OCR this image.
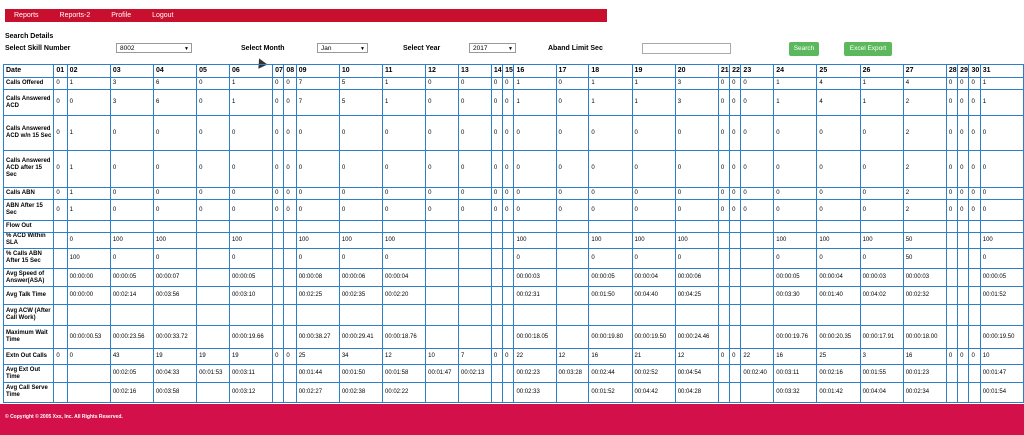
Reports	Reports-2	Profile	Logout
Search Details
Select Skill Number	8002	▼	Select Month	Jan	▼	Select Year	2017	▼	Aband Limit Sec	Search	Excel Export
Date	01	02	03	04	05	06	07	08	09	10	11	12	13	14	15	16	17	18	19	20	21	22	23	24	25	26	27	28	29	30	31
Calls Offered	0	1	3	6	0	1	0	0	7	5	1	0	0	0	0	1	0	1	1	3	0	0	0	1	4	1	4	0	0	0	1
Calls Answered ACD	0	0	3	6	0	1	0	0	7	5	1	0	0	0	0	1	0	1	1	3	0	0	0	1	4	1	2	0	0	0	1
Calls Answered ACD w/n 15 Sec	0	1	0	0	0	0	0	0	0	0	0	0	0	0	0	0	0	0	0	0	0	0	0	0	0	0	2	0	0	0	0
Calls Answered ACD after 15 Sec	0	1	0	0	0	0	0	0	0	0	0	0	0	0	0	0	0	0	0	0	0	0	0	0	0	0	2	0	0	0	0
Calls ABN	0	1	0	0	0	0	0	0	0	0	0	0	0	0	0	0	0	0	0	0	0	0	0	0	0	0	2	0	0	0	0
ABN After 15 Sec	0	1	0	0	0	0	0	0	0	0	0	0	0	0	0	0	0	0	0	0	0	0	0	0	0	0	2	0	0	0	0
Flow Out																															
% ACD Within SLA		0	100	100		100			100	100	100					100		100	100	100				100	100	100	50				100
% Calls ABN After 15 Sec		100	0	0		0			0	0	0					0		0	0	0				0	0	0	50				0
Avg Speed of Answer(ASA)		00:00:00	00:00:05	00:00:07		00:00:05			00:00:08	00:00:06	00:00:04					00:00:03		00:00:05	00:00:04	00:00:06				00:00:05	00:00:04	00:00:03	00:00:03				00:00:05
Avg Talk Time		00:00:00	00:02:14	00:03:56		00:03:10			00:02:25	00:02:35	00:02:20					00:02:31		00:01:50	00:04:40	00:04:25				00:03:30	00:01:40	00:04:02	00:02:32				00:01:52
Avg ACW (After Call Work)																															
Maximum Wait Time		00:00:00.53	00:00:23.56	00:00:33.72		00:00:19.66			00:00:38.27	00:00:29.41	00:00:18.76					00:00:18.05		00:00:19.80	00:00:19.50	00:00:24.46				00:00:19.76	00:00:20.35	00:00:17.91	00:00:18.00				00:00:19.50
Extn Out Calls	0	0	43	19	19	19	0	0	25	34	12	10	7	0	0	22	12	16	21	12	0	0	22	16	25	3	16	0	0	0	10
Avg Ext Out Time			00:02:05	00:04:33	00:01:53	00:03:11			00:01:44	00:01:50	00:01:58	00:01:47	00:02:13			00:02:23	00:03:28	00:02:44	00:02:52	00:04:54			00:02:40	00:03:11	00:02:16	00:01:55	00:01:23				00:01:47
Avg Call Serve Time			00:02:16	00:03:58		00:03:12			00:02:27	00:02:38	00:02:22					00:02:33		00:01:52	00:04:42	00:04:28				00:03:32	00:01:42	00:04:04	00:02:34				00:01:54
© Copyright © 2005 Xxx, Inc. All Rights Reserved.
